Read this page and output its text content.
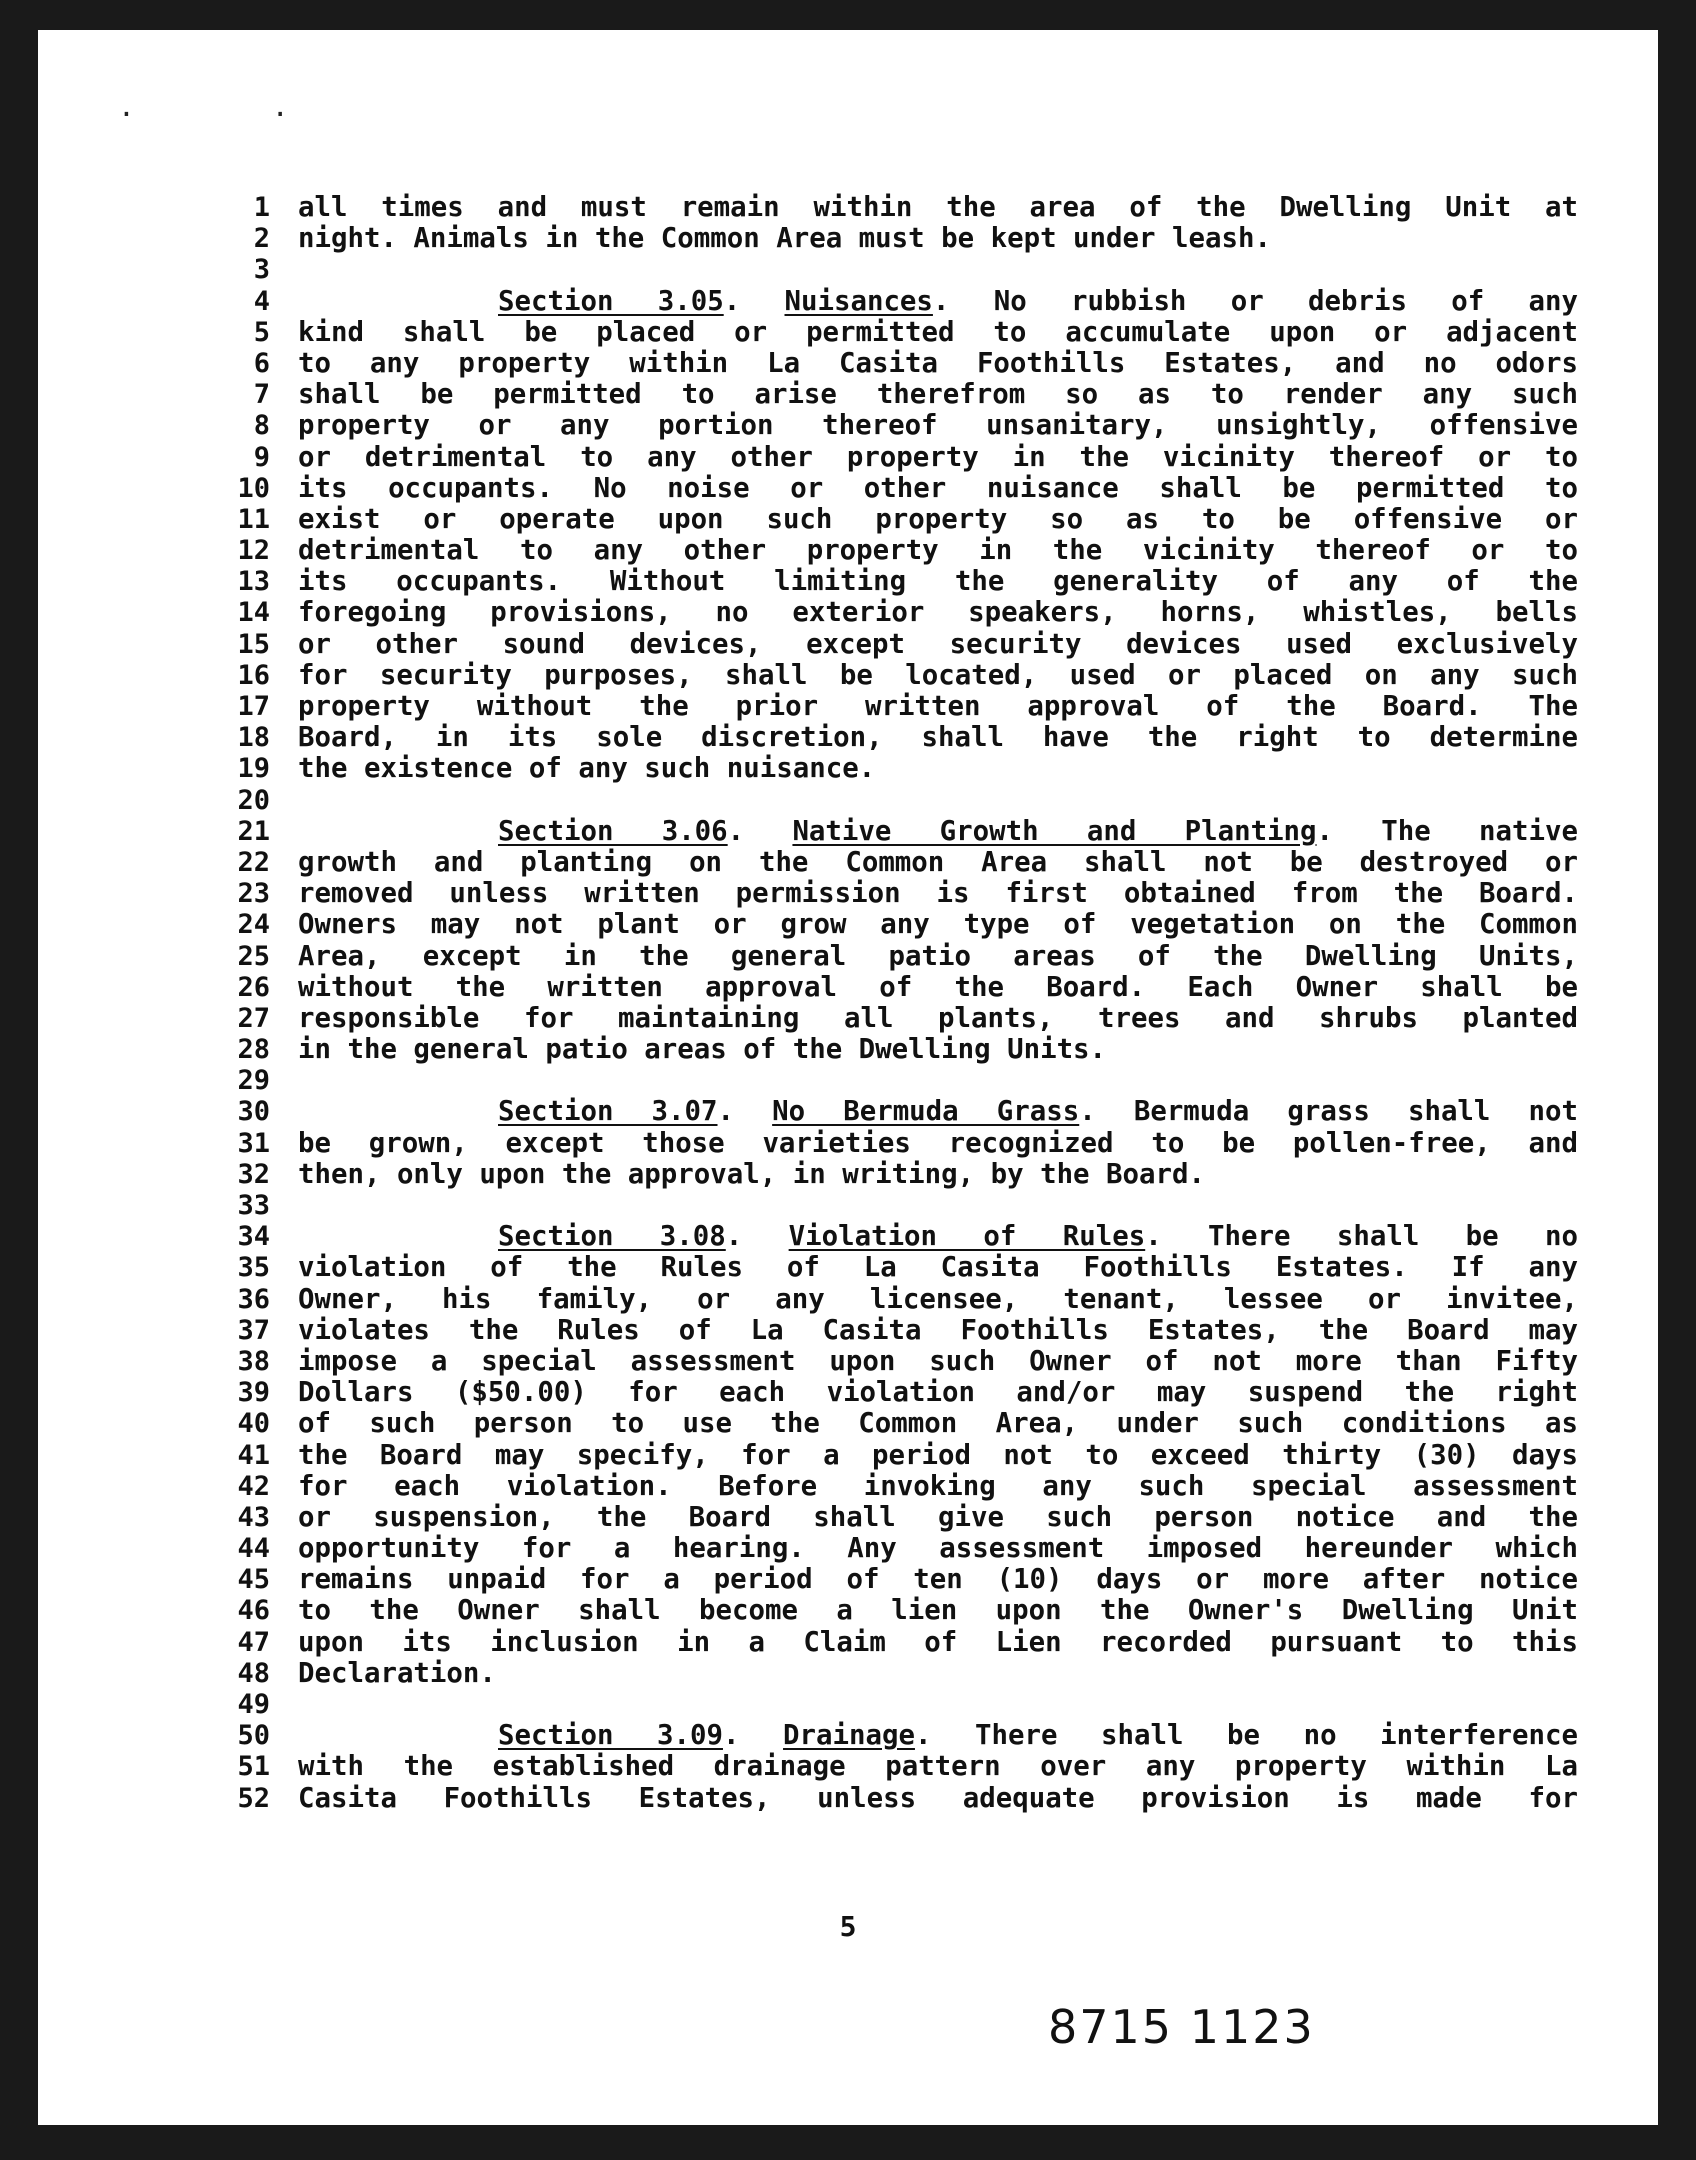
. .
1 all times and must remain within the area of the Dwelling Unit at
2 night. Animals in the Common Area must be kept under leash.
3
4	Section 3.05. Nuisances. No rubbish or debris of any
5 kind shall be placed or permitted to accumulate upon or adjacent
6 to any property within La Casita Foothills Estates, and no odors
7 shall be permitted to arise therefrom so as to render any such
8 property or any portion thereof unsanitary, unsightly, offensive
9 or detrimental to any other property in the vicinity thereof or to
10 its occupants. No noise or other nuisance shall be permitted to
11 exist or operate upon such property so as to be offensive or
12 detrimental to any other property in the vicinity thereof or to
13 its occupants. Without limiting the generality of any of the
14 foregoing provisions, no exterior speakers, horns, whistles, bells
15 or other sound devices, except security devices used exclusively
16 for security purposes, shall be located, used or placed on any such
17 property without the prior written approval of the Board. The
18 Board, in its sole discretion, shall have the right to determine
19 the existence of any such nuisance.
20
21	Section 3.06. Native Growth and Planting. The native
22 growth and planting on the Common Area shall not be destroyed or
23 removed unless written permission is first obtained from the Board.
24 Owners may not plant or grow any type of vegetation on the Common
25 Area, except in the general patio areas of the Dwelling Units,
26 without the written approval of the Board. Each Owner shall be
27 responsible for maintaining all plants, trees and shrubs planted
28 in the general patio areas of the Dwelling Units.
29
30	Section 3.07. No Bermuda Grass. Bermuda grass shall not
31 be grown, except those varieties recognized to be pollen-free, and
32 then, only upon the approval, in writing, by the Board.
33
34	Section 3.08. Violation of Rules. There shall be no
35 violation of the Rules of La Casita Foothills Estates. If any
36 Owner, his family, or any licensee, tenant, lessee or invitee,
37 violates the Rules of La Casita Foothills Estates, the Board may
38 impose a special assessment upon such Owner of not more than Fifty
39 Dollars ($50.00) for each violation and/or may suspend the right
40 of such person to use the Common Area, under such conditions as
41 the Board may specify, for a period not to exceed thirty (30) days
42 for each violation. Before invoking any such special assessment
43 or suspension, the Board shall give such person notice and the
44 opportunity for a hearing. Any assessment imposed hereunder which
45 remains unpaid for a period of ten (10) days or more after notice
46 to the Owner shall become a lien upon the Owner's Dwelling Unit
47 upon its inclusion in a Claim of Lien recorded pursuant to this
48 Declaration.
49
50	Section 3.09. Drainage. There shall be no interference
51 with the established drainage pattern over any property within La
52 Casita Foothills Estates, unless adequate provision is made for
5
8715 1123
